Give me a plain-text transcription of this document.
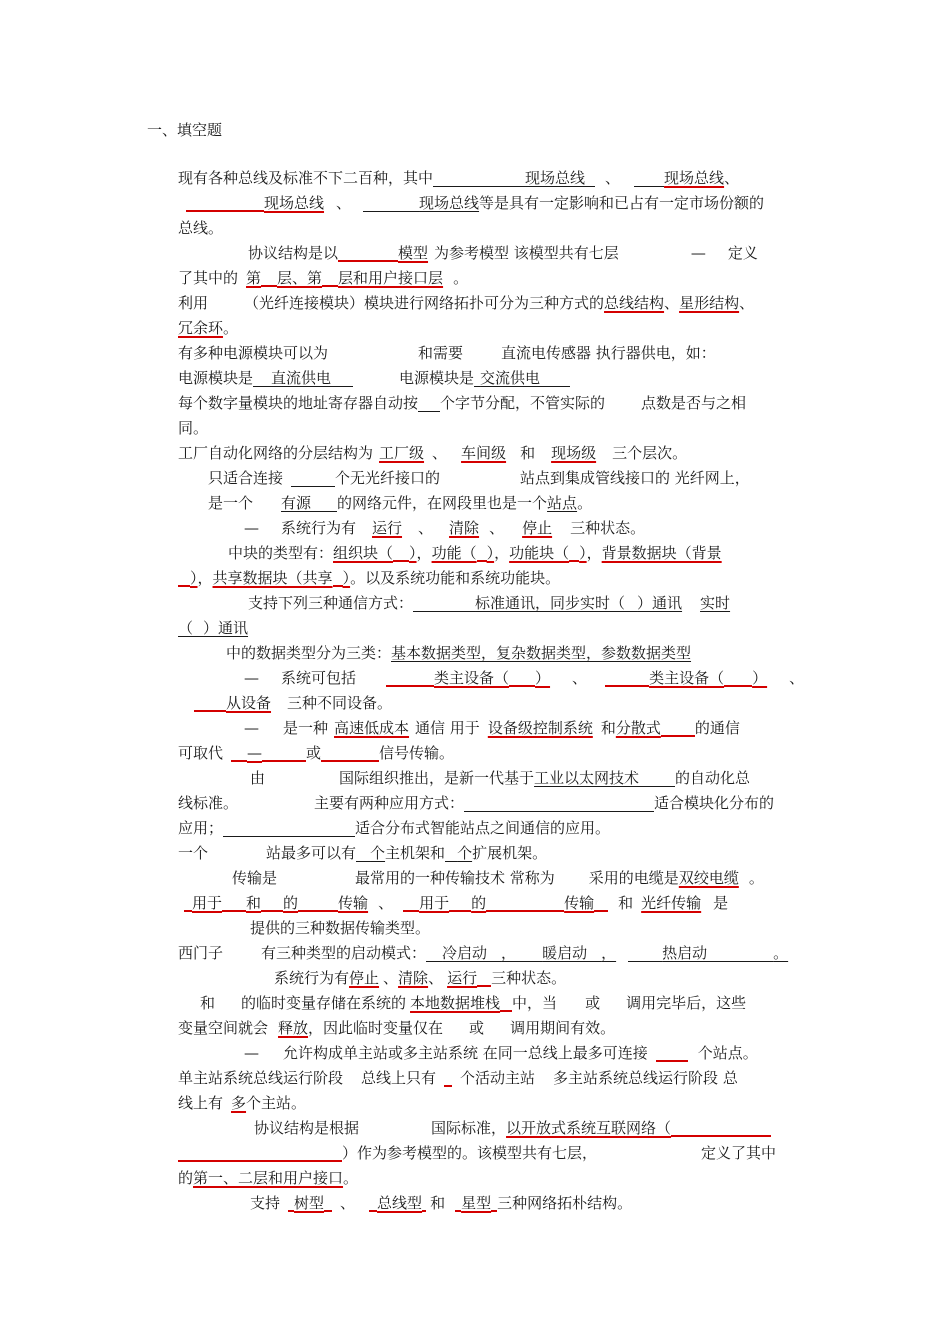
一、填空题
现有各种总线及标准不下二百种，其中	现场总线 、	现场总线、
现场总线 、	现场总线等是具有一定影响和已占有一定市场份额的
总线。
协议结构是以	模型 为参考模型 该模型共有七层	— 定义
了其中的 第 层、第 层和用户接口层 。
利用 （光纤连接模块）模块进行网络拓扑可分为三种方式的总线结构、星形结构、
冗余环。
有多种电源模块可以为	和需要	直流电传感器 执行器供电，如：
电源模块是 直流供电	电源模块是 交流供电
每个数字量模块的地址寄存器自动按 个字节分配，不管实际的 点数是否与之相
同。
工厂自动化网络的分层结构为 工厂级 、 车间级 和 现场级 三个层次。
只适合连接	个无光纤接口的	站点到集成管线接口的 光纤网上，
是一个 有源 的网络元件，在网段里也是一个站点。
— 系统行为有 运行 、 清除 、 停止 三种状态。
中块的类型有：组织块（ ），功能（ ），功能块（ ），背景数据块（背景
），共享数据块（共享 ）。以及系统功能和系统功能块。
支持下列三种通信方式：	标准通讯，同步实时（ ）通讯 实时
（ ）通讯
中的数据类型分为三类：基本数据类型，复杂数据类型，参数数据类型
— 系统可包括	类主设备（ ） 、	类主设备（ ） 、
从设备 三种不同设备。
— 是一种 高速低成本 通信 用于 设备级控制系统 和分散式 的通信
可取代 —	或	信号传输。
由	国际组织推出，是新一代基于工业以太网技术 的自动化总
线标准。	主要有两种应用方式：	适合模块化分布的
应用；	适合分布式智能站点之间通信的应用。
一个	站最多可以有 个主机架和 个扩展机架。
传输是	最常用的一种传输技术 常称为 采用的电缆是双绞电缆 。
用于 和 的	传输 、 用于 的	传输 和 光纤传输 是
提供的三种数据传输类型。
西门子	有三种类型的启动模式： 冷启动 ， 暖启动 ，	热启动	。
系统行为有停止 、清除、 运行 三种状态。
和 的临时变量存储在系统的 本地数据堆栈 中，当 或 调用完毕后，这些
变量空间就会 释放，因此临时变量仅在 或 调用期间有效。
— 允许构成单主站或多主站系统 在同一总线上最多可连接	个站点。
单主站系统总线运行阶段 总线上只有 个活动主站 多主站系统总线运行阶段 总
线上有 多个主站。
协议结构是根据	国际标准，以开放式系统互联网络（
）作为参考模型的。该模型共有七层，	定义了其中
的第一、二层和用户接口。
支持 树型 、 总线型 和 星型 三种网络拓朴结构。
